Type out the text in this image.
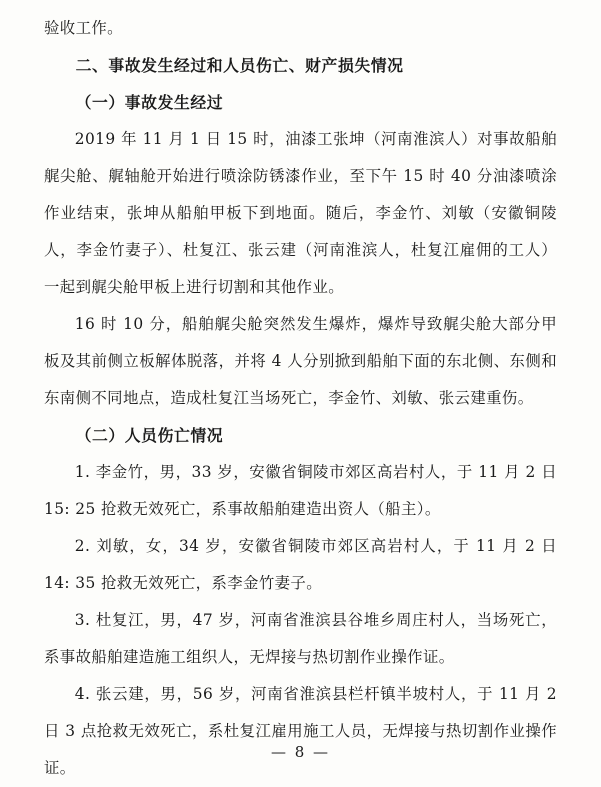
验收工作。

二、事故发生经过和人员伤亡、财产损失情况
（一）事故发生经过

2019 年 11 月 1 日 15 时，油漆工张坤（河南淮滨人）对事故船舶艉尖舱、艉轴舱开始进行喷涂防锈漆作业，至下午 15 时 40 分油漆喷涂作业结束，张坤从船舶甲板下到地面。随后，李金竹、刘敏（安徽铜陵人，李金竹妻子）、杜复江、张云建（河南淮滨人，杜复江雇佣的工人）一起到艉尖舱甲板上进行切割和其他作业。

16 时 10 分，船舶艉尖舱突然发生爆炸，爆炸导致艉尖舱大部分甲板及其前侧立板解体脱落，并将 4 人分别掀到船舶下面的东北侧、东侧和东南侧不同地点，造成杜复江当场死亡，李金竹、刘敏、张云建重伤。

（二）人员伤亡情况

1. 李金竹，男，33 岁，安徽省铜陵市郊区高岩村人，于 11 月 2 日 15: 25 抢救无效死亡，系事故船舶建造出资人（船主）。

2. 刘敏，女，34 岁，安徽省铜陵市郊区高岩村人，于 11 月 2 日 14: 35 抢救无效死亡，系李金竹妻子。

3. 杜复江，男，47 岁，河南省淮滨县谷堆乡周庄村人，当场死亡，系事故船舶建造施工组织人，无焊接与热切割作业操作证。

4. 张云建，男，56 岁，河南省淮滨县栏杆镇半坡村人，于 11 月 2 日 3 点抢救无效死亡，系杜复江雇用施工人员，无焊接与热切割作业操作证。

— 8 —
